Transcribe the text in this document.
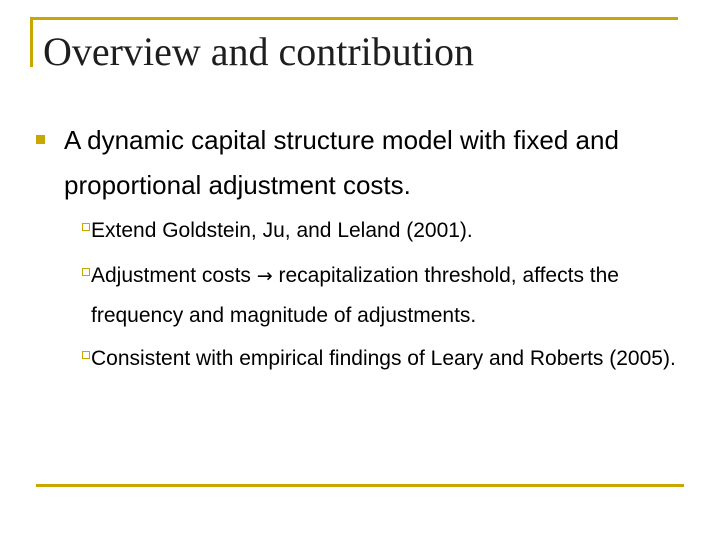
Overview and contribution

A dynamic capital structure model with fixed and proportional adjustment costs.

Extend Goldstein, Ju, and Leland (2001).

Adjustment costs → recapitalization threshold, affects the frequency and magnitude of adjustments.

Consistent with empirical findings of Leary and Roberts (2005).
